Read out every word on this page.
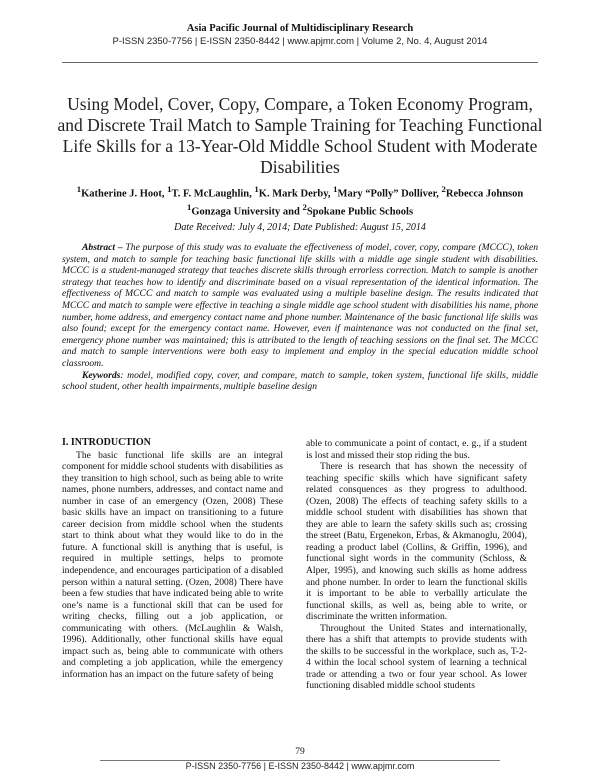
Asia Pacific Journal of Multidisciplinary Research
P-ISSN 2350-7756 | E-ISSN 2350-8442 | www.apjmr.com | Volume 2, No. 4, August 2014
Using Model, Cover, Copy, Compare, a Token Economy Program, and Discrete Trail Match to Sample Training for Teaching Functional Life Skills for a 13-Year-Old Middle School Student with Moderate Disabilities
$^1$Katherine J. Hoot, $^1$T. F. McLaughlin, $^1$K. Mark Derby, $^1$Mary “Polly” Dolliver, $^2$Rebecca Johnson
$^1$Gonzaga University and $^2$Spokane Public Schools
Date Received: July 4, 2014; Date Published: August 15, 2014

Abstract – The purpose of this study was to evaluate the effectiveness of model, cover, copy, compare (MCCC), token system, and match to sample for teaching basic functional life skills with a middle age single student with disabilities. MCCC is a student-managed strategy that teaches discrete skills through errorless correction. Match to sample is another strategy that teaches how to identify and discriminate based on a visual representation of the identical information. The effectiveness of MCCC and match to sample was evaluated using a multiple baseline design. The results indicated that MCCC and match to sample were effective in teaching a single middle age school student with disabilities his name, phone number, home address, and emergency contact name and phone number. Maintenance of the basic functional life skills was also found; except for the emergency contact name. However, even if maintenance was not conducted on the final set, emergency phone number was maintained; this is attributed to the length of teaching sessions on the final set. The MCCC and match to sample interventions were both easy to implement and employ in the special education middle school classroom.

Keywords: model, modified copy, cover, and compare, match to sample, token system, functional life skills, middle school student, other health impairments, multiple baseline design

I. INTRODUCTION

The basic functional life skills are an integral component for middle school students with disabilities as they transition to high school, such as being able to write names, phone numbers, addresses, and contact name and number in case of an emergency (Ozen, 2008) These basic skills have an impact on transitioning to a future career decision from middle school when the students start to think about what they would like to do in the future. A functional skill is anything that is useful, is required in multiple settings, helps to promote independence, and encourages participation of a disabled person within a natural setting. (Ozen, 2008) There have been a few studies that have indicated being able to write one’s name is a functional skill that can be used for writing checks, filling out a job application, or communicating with others. (McLaughlin & Walsh, 1996). Additionally, other functional skills have equal impact such as, being able to communicate with others and completing a job application, while the emergency information has an impact on the future safety of being

able to communicate a point of contact, e. g., if a student is lost and missed their stop riding the bus.

There is research that has shown the necessity of teaching specific skills which have significant safety related consquences as they progress to adulthood. (Ozen, 2008) The effects of teaching safety skills to a middle school student with disabilities has shown that they are able to learn the safety skills such as; crossing the street (Batu, Ergenekon, Erbas, & Akmanoglu, 2004), reading a product label (Collins, & Griffin, 1996), and functional sight words in the community (Schloss, & Alper, 1995), and knowing such skills as home address and phone number. In order to learn the functional skills it is important to be able to verballly articulate the functional skills, as well as, being able to write, or discriminate the written information.

Throughout the United States and internationally, there has a shift that attempts to provide students with the skills to be successful in the workplace, such as, T-2-4 within the local school system of learning a technical trade or attending a two or four year school. As lower functioning disabled middle school students

79
P-ISSN 2350-7756 | E-ISSN 2350-8442 | www.apjmr.com
